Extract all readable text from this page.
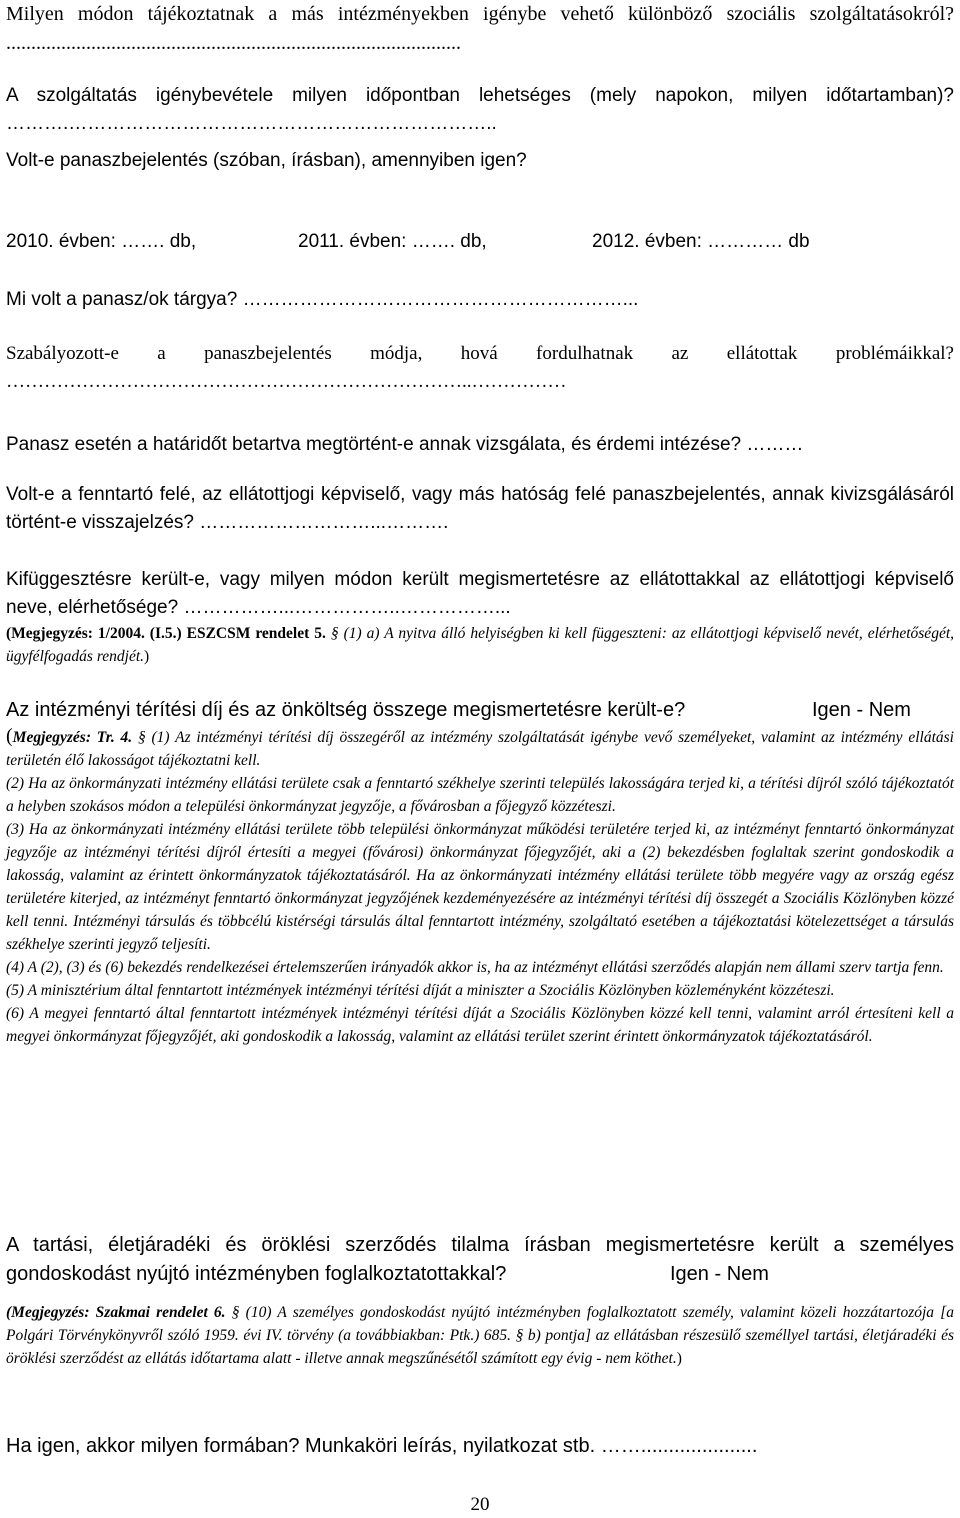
Milyen módon tájékoztatnak a más intézményekben igénybe vehető különböző szociális szolgáltatásokról? ...........................................................................................

A szolgáltatás igénybevétele milyen időpontban lehetséges (mely napokon, milyen időtartamban)? ……….…………………………………………………………..

Volt-e panaszbejelentés (szóban, írásban), amennyiben igen?

2010. évben: ……. db,	2011. évben: ……. db,	2012. évben: ………… db

Mi volt a panasz/ok tárgya? ……………………………………………………...

Szabályozott-e a panaszbejelentés módja, hová fordulhatnak az ellátottak problémáikkal? ………………………………………………………………..……………

Panasz esetén a határidőt betartva megtörtént-e annak vizsgálata, és érdemi intézése? ………

Volt-e a fenntartó felé, az ellátottjogi képviselő, vagy más hatóság felé panaszbejelentés, annak kivizsgálásáról történt-e visszajelzés? ………………………...……….

Kifüggesztésre került-e, vagy milyen módon került megismertetésre az ellátottakkal az ellátottjogi képviselő neve, elérhetősége? ……………...……………..……………...

(Megjegyzés: 1/2004. (I.5.) ESZCSM rendelet 5. § (1) a) A nyitva álló helyiségben ki kell függeszteni: az ellátottjogi képviselő nevét, elérhetőségét, ügyfélfogadás rendjét.)

Az intézményi térítési díj és az önköltség összege megismertetésre került-e?	Igen - Nem

(Megjegyzés: Tr. 4. § (1) Az intézményi térítési díj összegéről az intézmény szolgáltatását igénybe vevő személyeket, valamint az intézmény ellátási területén élő lakosságot tájékoztatni kell.

(2) Ha az önkormányzati intézmény ellátási területe csak a fenntartó székhelye szerinti település lakosságára terjed ki, a térítési díjról szóló tájékoztatót a helyben szokásos módon a települési önkormányzat jegyzője, a fővárosban a főjegyző közzéteszi.

(3) Ha az önkormányzati intézmény ellátási területe több települési önkormányzat működési területére terjed ki, az intézményt fenntartó önkormányzat jegyzője az intézményi térítési díjról értesíti a megyei (fővárosi) önkormányzat főjegyzőjét, aki a (2) bekezdésben foglaltak szerint gondoskodik a lakosság, valamint az érintett önkormányzatok tájékoztatásáról. Ha az önkormányzati intézmény ellátási területe több megyére vagy az ország egész területére kiterjed, az intézményt fenntartó önkormányzat jegyzőjének kezdeményezésére az intézményi térítési díj összegét a Szociális Közlönyben közzé kell tenni. Intézményi társulás és többcélú kistérségi társulás által fenntartott intézmény, szolgáltató esetében a tájékoztatási kötelezettséget a társulás székhelye szerinti jegyző teljesíti.

(4) A (2), (3) és (6) bekezdés rendelkezései értelemszerűen irányadók akkor is, ha az intézményt ellátási szerződés alapján nem állami szerv tartja fenn.

(5) A minisztérium által fenntartott intézmények intézményi térítési díját a miniszter a Szociális Közlönyben közleményként közzéteszi.

(6) A megyei fenntartó által fenntartott intézmények intézményi térítési díját a Szociális Közlönyben közzé kell tenni, valamint arról értesíteni kell a megyei önkormányzat főjegyzőjét, aki gondoskodik a lakosság, valamint az ellátási terület szerint érintett önkormányzatok tájékoztatásáról.

A tartási, életjáradéki és öröklési szerződés tilalma írásban megismertetésre került a személyes gondoskodást nyújtó intézményben foglalkoztatottakkal?	Igen - Nem

(Megjegyzés: Szakmai rendelet 6. § (10) A személyes gondoskodást nyújtó intézményben foglalkoztatott személy, valamint közeli hozzátartozója [a Polgári Törvénykönyvről szóló 1959. évi IV. törvény (a továbbiakban: Ptk.) 685. § b) pontja] az ellátásban részesülő személlyel tartási, életjáradéki és öröklési szerződést az ellátás időtartama alatt - illetve annak megszűnésétől számított egy évig - nem köthet.)

Ha igen, akkor milyen formában? Munkaköri leírás, nyilatkozat stb. …….....................

20
